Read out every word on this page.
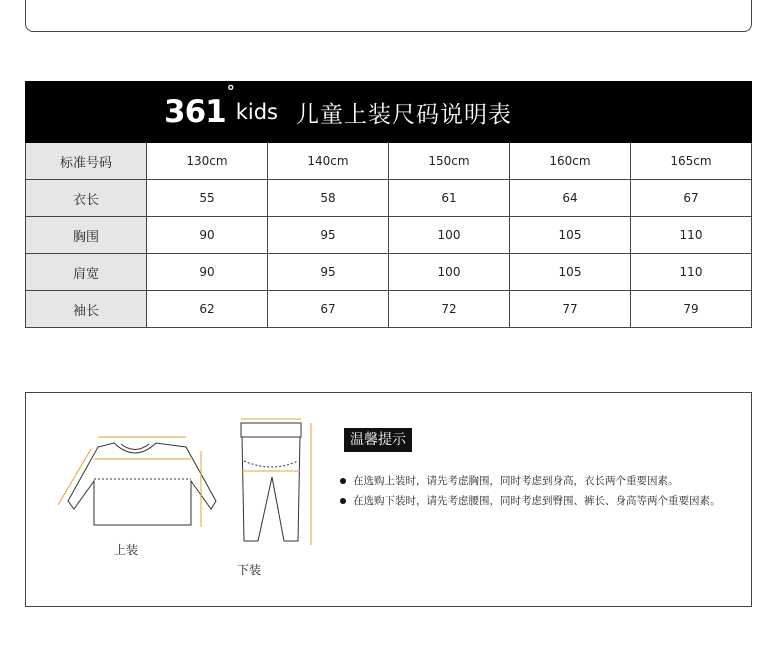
361°
kids 儿童上装尺码说明表					

标准号码	130cm	140cm	150cm	160cm	165cm
衣长	55	58	61	64	67
胸围	90	95	100	105	110
肩宽	90	95	100	105	110
袖长	62	67	72	77	79
上装
下装
温馨提示
在选购上装时，请先考虑胸围，同时考虑到身高，衣长两个重要因素。
在选购下装时，请先考虑腰围，同时考虑到臀围、裤长、身高等两个重要因素。
